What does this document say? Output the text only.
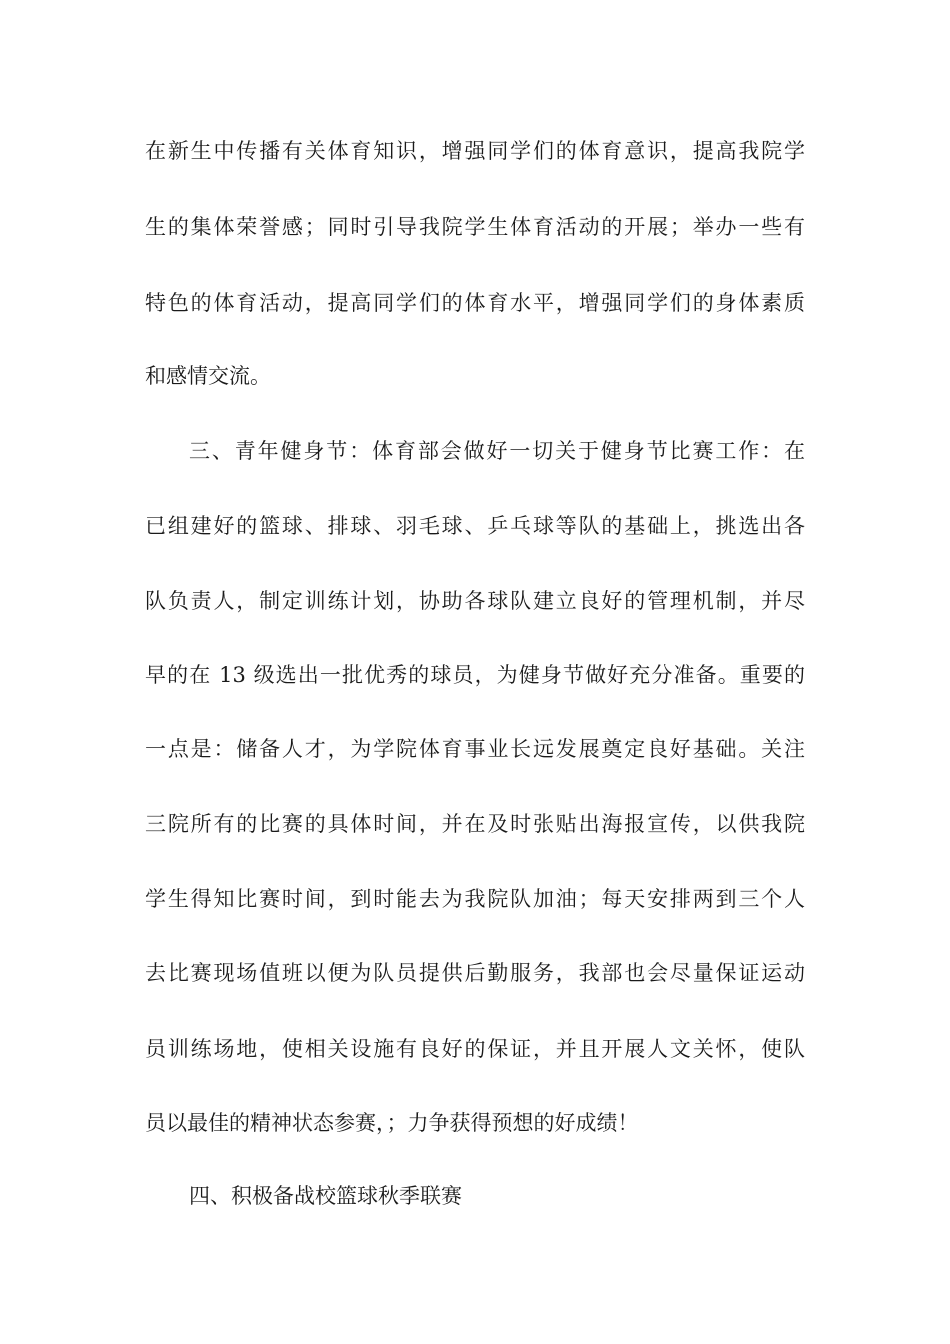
在新生中传播有关体育知识，增强同学们的体育意识，提高我院学
生的集体荣誉感；同时引导我院学生体育活动的开展；举办一些有
特色的体育活动，提高同学们的体育水平，增强同学们的身体素质
和感情交流。
三、青年健身节：体育部会做好一切关于健身节比赛工作：在
已组建好的篮球、排球、羽毛球、乒乓球等队的基础上，挑选出各
队负责人，制定训练计划，协助各球队建立良好的管理机制，并尽
早的在 13 级选出一批优秀的球员，为健身节做好充分准备。重要的
一点是：储备人才，为学院体育事业长远发展奠定良好基础。关注
三院所有的比赛的具体时间，并在及时张贴出海报宣传，以供我院
学生得知比赛时间，到时能去为我院队加油；每天安排两到三个人
去比赛现场值班以便为队员提供后勤服务，我部也会尽量保证运动
员训练场地，使相关设施有良好的保证，并且开展人文关怀，使队
员以最佳的精神状态参赛，；力争获得预想的好成绩！
四、积极备战校篮球秋季联赛
